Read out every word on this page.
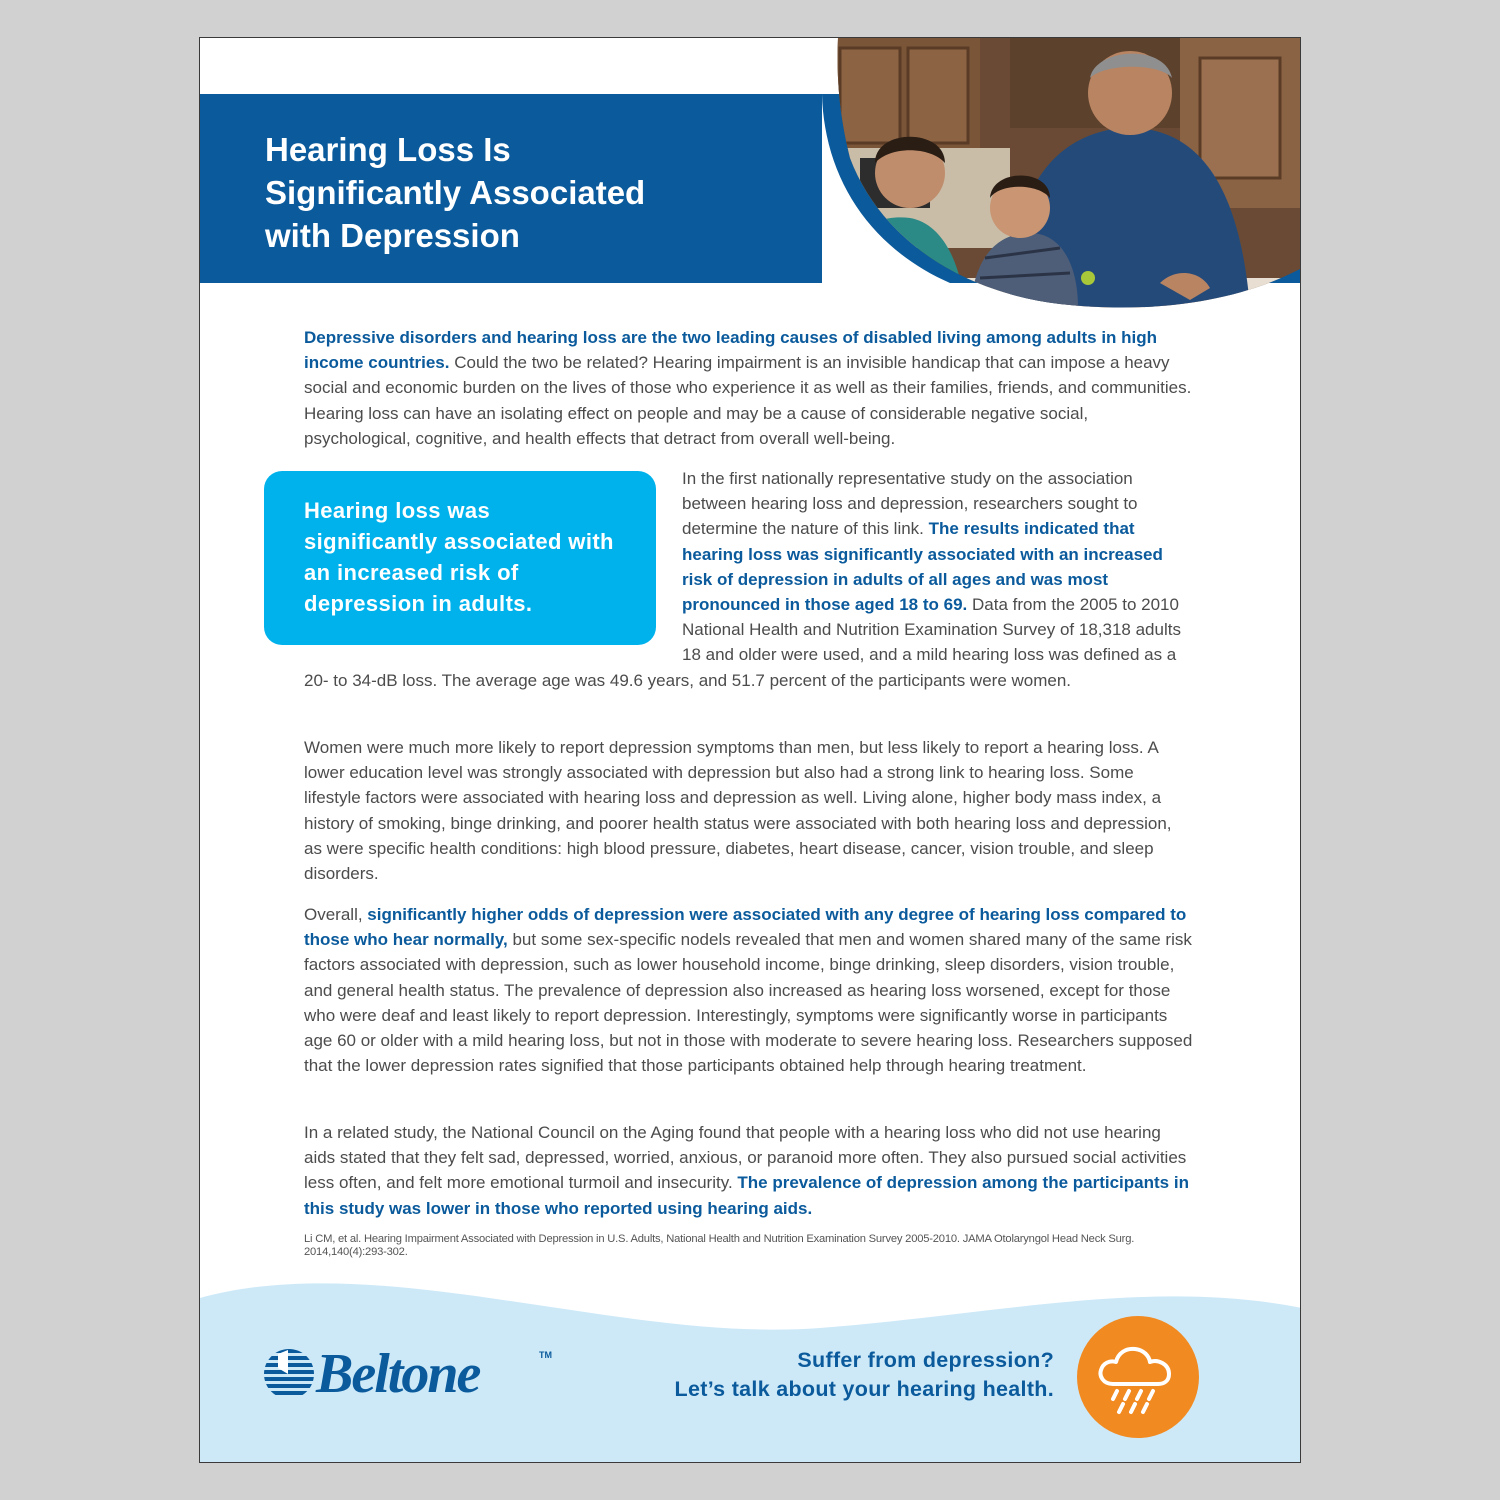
Hearing Loss Is
Significantly Associated
with Depression

Depressive disorders and hearing loss are the two leading causes of disabled living among adults in high income countries. Could the two be related? Hearing impairment is an invisible handicap that can impose a heavy social and economic burden on the lives of those who experience it as well as their families, friends, and communities. Hearing loss can have an isolating effect on people and may be a cause of considerable negative social, psychological, cognitive, and health effects that detract from overall well-being.

Hearing loss was significantly associated with an increased risk of depression in adults.

In the first nationally representative study on the association between hearing loss and depression, researchers sought to determine the nature of this link. The results indicated that hearing loss was significantly associated with an increased risk of depression in adults of all ages and was most pronounced in those aged 18 to 69. Data from the 2005 to 2010 National Health and Nutrition Examination Survey of 18,318 adults 18 and older were used, and a mild hearing loss was defined as a 20- to 34-dB loss. The average age was 49.6 years, and 51.7 percent of the participants were women.

Women were much more likely to report depression symptoms than men, but less likely to report a hearing loss. A lower education level was strongly associated with depression but also had a strong link to hearing loss. Some lifestyle factors were associated with hearing loss and depression as well. Living alone, higher body mass index, a history of smoking, binge drinking, and poorer health status were associated with both hearing loss and depression, as were specific health conditions: high blood pressure, diabetes, heart disease, cancer, vision trouble, and sleep disorders.

Overall, significantly higher odds of depression were associated with any degree of hearing loss compared to those who hear normally, but some sex-specific nodels revealed that men and women shared many of the same risk factors associated with depression, such as lower household income, binge drinking, sleep disorders, vision trouble, and general health status. The prevalence of depression also increased as hearing loss worsened, except for those who were deaf and least likely to report depression. Interestingly, symptoms were significantly worse in participants age 60 or older with a mild hearing loss, but not in those with moderate to severe hearing loss. Researchers supposed that the lower depression rates signified that those participants obtained help through hearing treatment.

In a related study, the National Council on the Aging found that people with a hearing loss who did not use hearing aids stated that they felt sad, depressed, worried, anxious, or paranoid more often. They also pursued social activities less often, and felt more emotional turmoil and insecurity. The prevalence of depression among the participants in this study was lower in those who reported using hearing aids.

Li CM, et al. Hearing Impairment Associated with Depression in U.S. Adults, National Health and Nutrition Examination Survey 2005-2010. JAMA Otolaryngol Head Neck Surg. 2014,140(4):293-302.

Beltone	TM	Suffer from depression?
Let’s talk about your hearing health.
